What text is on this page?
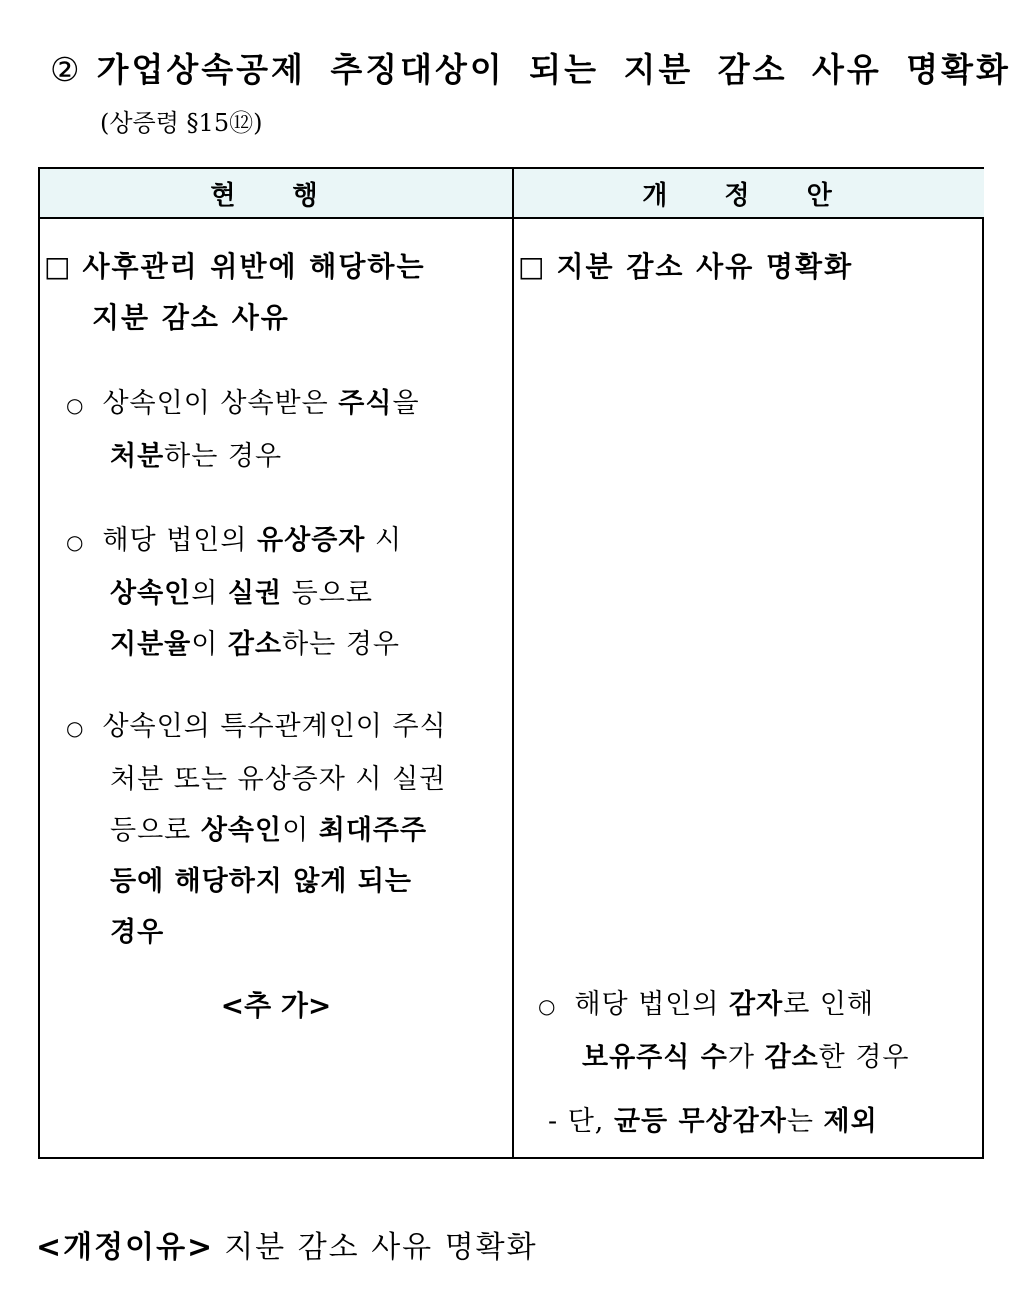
② 가업상속공제 추징대상이 되는 지분 감소 사유 명확화
(상증령 §15⑫)
현 행	개 정 안
□ 사후관리 위반에 해당하는
지분 감소 사유
○ 상속인이 상속받은 주식을
처분하는 경우
○ 해당 법인의 유상증자 시
상속인의 실권 등으로
지분율이 감소하는 경우
○ 상속인의 특수관계인이 주식
처분 또는 유상증자 시 실권
등으로 상속인이 최대주주
등에 해당하지 않게 되는
경우
<추 가>
□ 지분 감소 사유 명확화
○ 해당 법인의 감자로 인해
보유주식 수가 감소한 경우
- 단, 균등 무상감자는 제외
<개정이유> 지분 감소 사유 명확화
